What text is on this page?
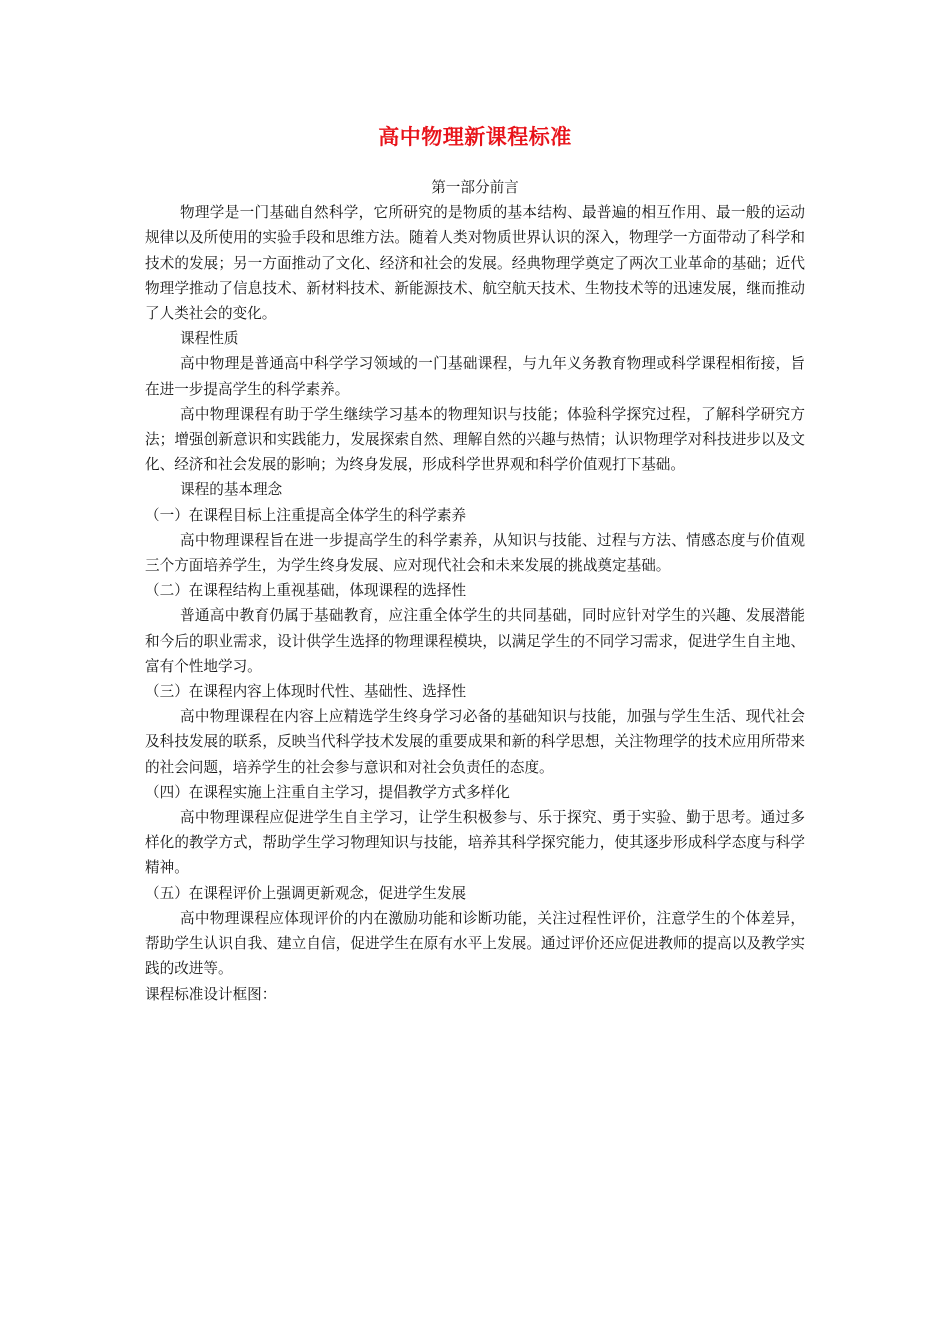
高中物理新课程标准

第一部分前言

物理学是一门基础自然科学，它所研究的是物质的基本结构、最普遍的相互作用、最一般的运动规律以及所使用的实验手段和思维方法。随着人类对物质世界认识的深入，物理学一方面带动了科学和技术的发展；另一方面推动了文化、经济和社会的发展。经典物理学奠定了两次工业革命的基础；近代物理学推动了信息技术、新材料技术、新能源技术、航空航天技术、生物技术等的迅速发展，继而推动了人类社会的变化。

课程性质

高中物理是普通高中科学学习领域的一门基础课程，与九年义务教育物理或科学课程相衔接，旨在进一步提高学生的科学素养。

高中物理课程有助于学生继续学习基本的物理知识与技能；体验科学探究过程，了解科学研究方法；增强创新意识和实践能力，发展探索自然、理解自然的兴趣与热情；认识物理学对科技进步以及文化、经济和社会发展的影响；为终身发展，形成科学世界观和科学价值观打下基础。

课程的基本理念

（一）在课程目标上注重提高全体学生的科学素养

高中物理课程旨在进一步提高学生的科学素养，从知识与技能、过程与方法、情感态度与价值观三个方面培养学生，为学生终身发展、应对现代社会和未来发展的挑战奠定基础。

（二）在课程结构上重视基础，体现课程的选择性

普通高中教育仍属于基础教育，应注重全体学生的共同基础，同时应针对学生的兴趣、发展潜能和今后的职业需求，设计供学生选择的物理课程模块，以满足学生的不同学习需求，促进学生自主地、富有个性地学习。

（三）在课程内容上体现时代性、基础性、选择性

高中物理课程在内容上应精选学生终身学习必备的基础知识与技能，加强与学生生活、现代社会及科技发展的联系，反映当代科学技术发展的重要成果和新的科学思想，关注物理学的技术应用所带来的社会问题，培养学生的社会参与意识和对社会负责任的态度。

（四）在课程实施上注重自主学习，提倡教学方式多样化

高中物理课程应促进学生自主学习，让学生积极参与、乐于探究、勇于实验、勤于思考。通过多样化的教学方式，帮助学生学习物理知识与技能，培养其科学探究能力，使其逐步形成科学态度与科学精神。

（五）在课程评价上强调更新观念，促进学生发展

高中物理课程应体现评价的内在激励功能和诊断功能，关注过程性评价，注意学生的个体差异，帮助学生认识自我、建立自信，促进学生在原有水平上发展。通过评价还应促进教师的提高以及教学实践的改进等。

课程标准设计框图：
